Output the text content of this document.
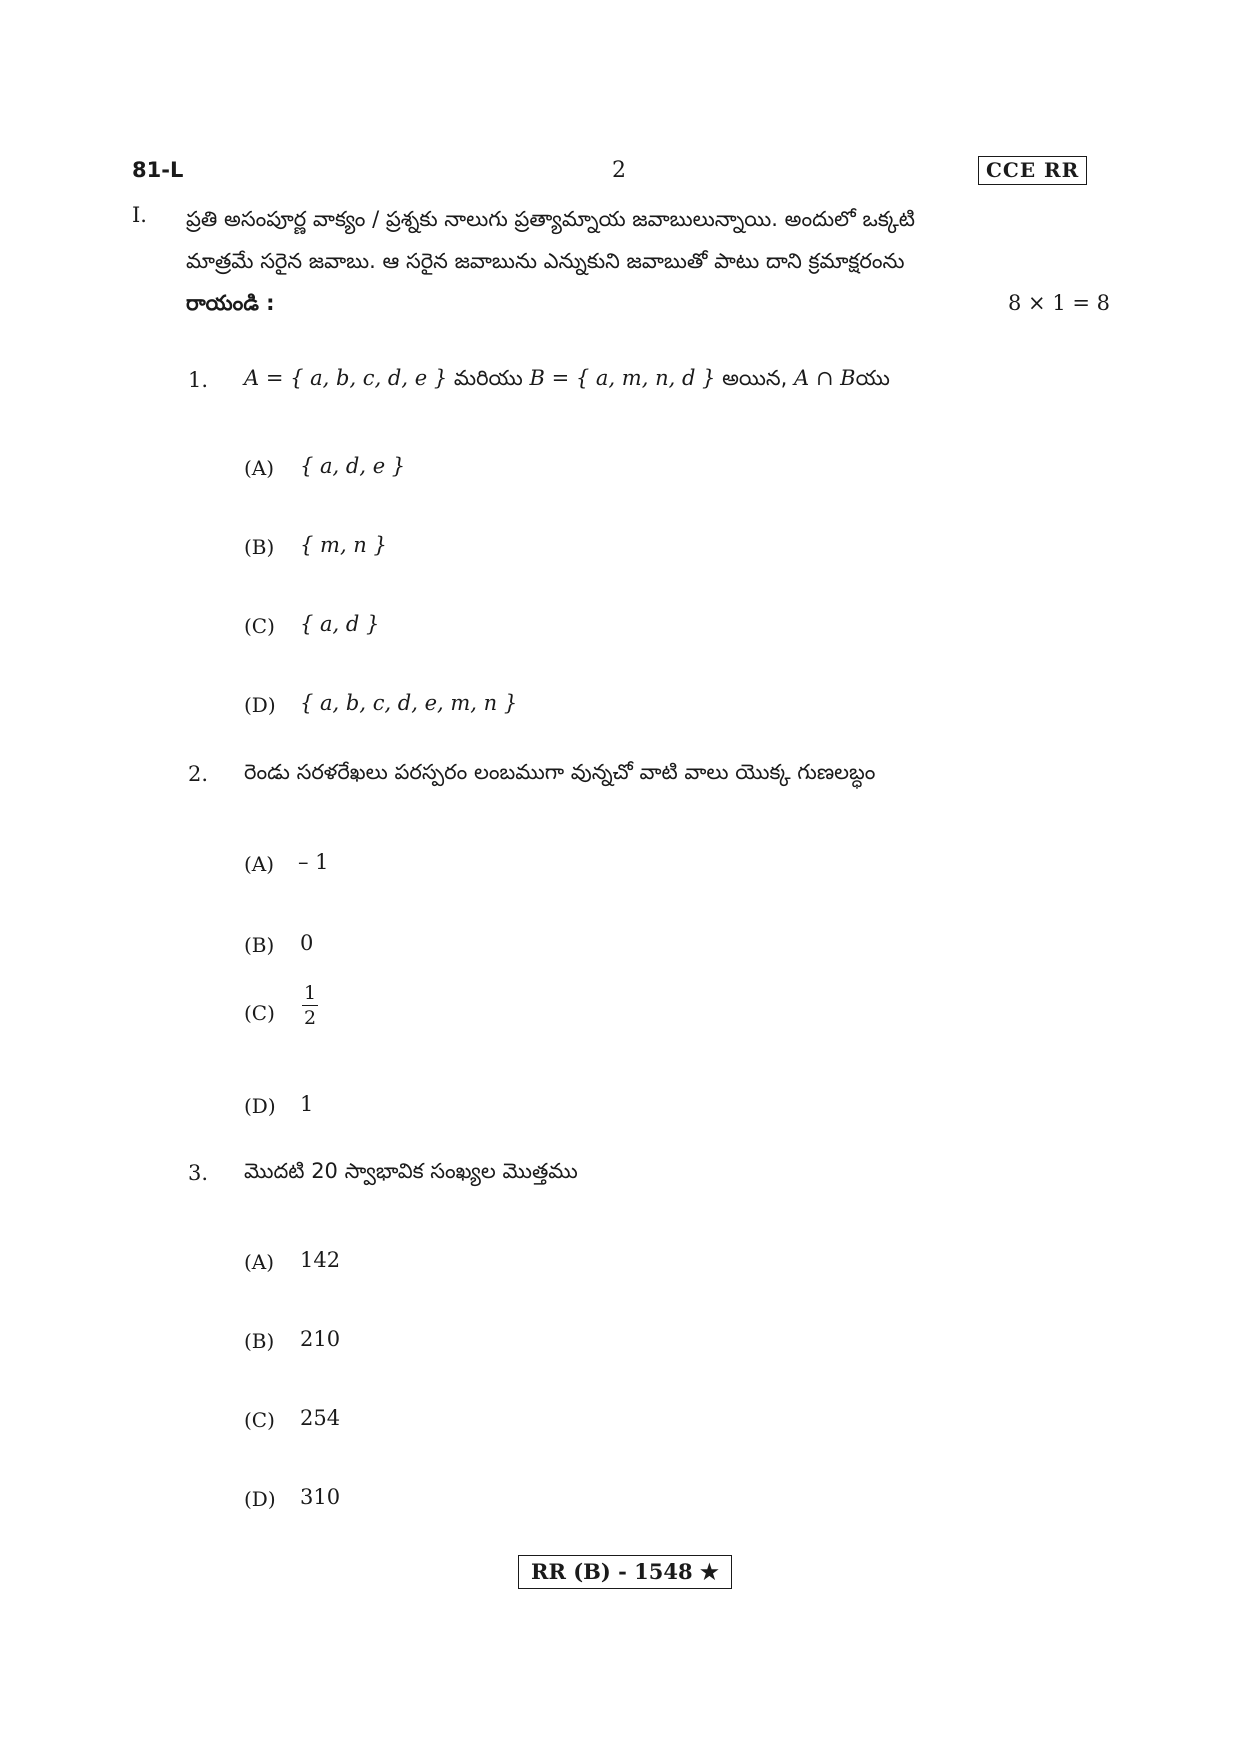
81-L	2	CCE RR
I. ప్రతి అసంపూర్ణ వాక్యం / ప్రశ్నకు నాలుగు ప్రత్యామ్నాయ జవాబులున్నాయి. అందులో ఒక్కటి
మాత్రమే సరైన జవాబు. ఆ సరైన జవాబును ఎన్నుకుని జవాబుతో పాటు దాని క్రమాక్షరంను
రాయండి :	8 × 1 = 8
1. A = { a, b, c, d, e } మరియు B = { a, m, n, d } అయిన, A ∩ Bయు
(A) { a, d, e }
(B) { m, n }
(C) { a, d }
(D) { a, b, c, d, e, m, n }
2. రెండు సరళరేఖలు పరస్పరం లంబముగా వున్నచో వాటి వాలు యొక్క గుణలబ్ధం
(A) – 1
(B) 0
$(C) \frac{1}{2}$
(D) 1
3. మొదటి 20 స్వాభావిక సంఖ్యల మొత్తము
(A) 142
(B) 210
(C) 254
(D) 310
RR (B) - 1548 ★
